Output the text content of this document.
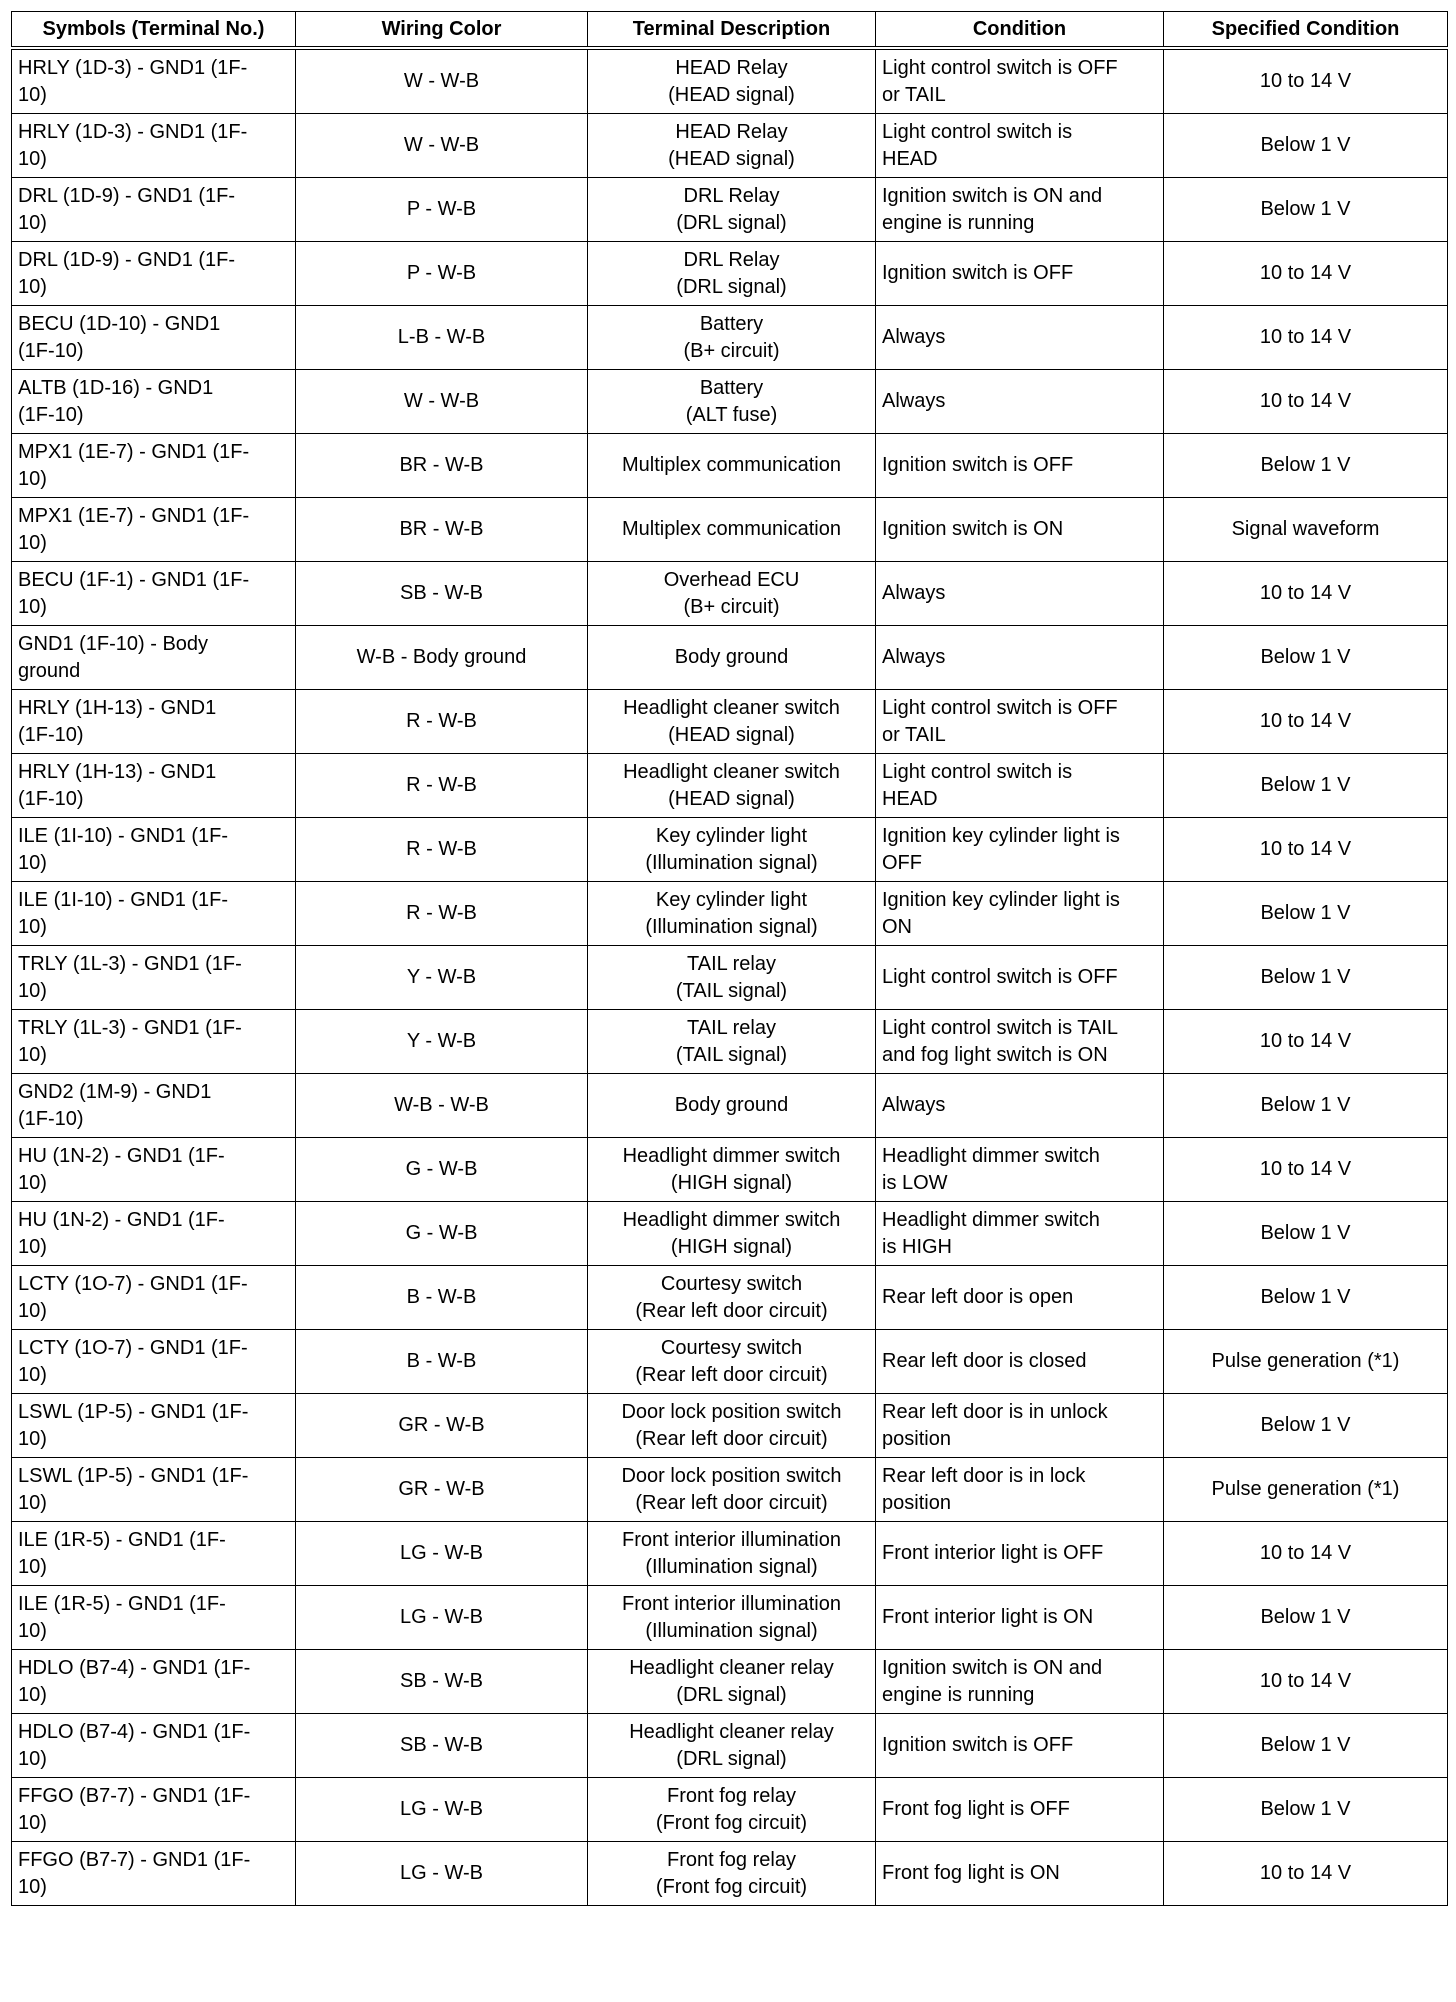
Symbols (Terminal No.)	Wiring Color	Terminal Description	Condition	Specified Condition

HRLY (1D-3) - GND1 (1F-
10)	W - W-B	HEAD Relay
(HEAD signal)	Light control switch is OFF
or TAIL	10 to 14 V

HRLY (1D-3) - GND1 (1F-
10)	W - W-B	HEAD Relay
(HEAD signal)	Light control switch is
HEAD	Below 1 V

DRL (1D-9) - GND1 (1F-
10)	P - W-B	DRL Relay
(DRL signal)	Ignition switch is ON and
engine is running	Below 1 V

DRL (1D-9) - GND1 (1F-
10)	P - W-B	DRL Relay
(DRL signal)	Ignition switch is OFF	10 to 14 V

BECU (1D-10) - GND1
(1F-10)	L-B - W-B	Battery
(B+ circuit)	Always	10 to 14 V

ALTB (1D-16) - GND1
(1F-10)	W - W-B	Battery
(ALT fuse)	Always	10 to 14 V

MPX1 (1E-7) - GND1 (1F-
10)	BR - W-B	Multiplex communication	Ignition switch is OFF	Below 1 V

MPX1 (1E-7) - GND1 (1F-
10)	BR - W-B	Multiplex communication	Ignition switch is ON	Signal waveform

BECU (1F-1) - GND1 (1F-
10)	SB - W-B	Overhead ECU
(B+ circuit)	Always	10 to 14 V

GND1 (1F-10) - Body
ground	W-B - Body ground	Body ground	Always	Below 1 V

HRLY (1H-13) - GND1
(1F-10)	R - W-B	Headlight cleaner switch
(HEAD signal)	Light control switch is OFF
or TAIL	10 to 14 V

HRLY (1H-13) - GND1
(1F-10)	R - W-B	Headlight cleaner switch
(HEAD signal)	Light control switch is
HEAD	Below 1 V

ILE (1I-10) - GND1 (1F-
10)	R - W-B	Key cylinder light
(Illumination signal)	Ignition key cylinder light is
OFF	10 to 14 V

ILE (1I-10) - GND1 (1F-
10)	R - W-B	Key cylinder light
(Illumination signal)	Ignition key cylinder light is
ON	Below 1 V

TRLY (1L-3) - GND1 (1F-
10)	Y - W-B	TAIL relay
(TAIL signal)	Light control switch is OFF	Below 1 V

TRLY (1L-3) - GND1 (1F-
10)	Y - W-B	TAIL relay
(TAIL signal)	Light control switch is TAIL
and fog light switch is ON	10 to 14 V

GND2 (1M-9) - GND1
(1F-10)	W-B - W-B	Body ground	Always	Below 1 V

HU (1N-2) - GND1 (1F-
10)	G - W-B	Headlight dimmer switch
(HIGH signal)	Headlight dimmer switch
is LOW	10 to 14 V

HU (1N-2) - GND1 (1F-
10)	G - W-B	Headlight dimmer switch
(HIGH signal)	Headlight dimmer switch
is HIGH	Below 1 V

LCTY (1O-7) - GND1 (1F-
10)	B - W-B	Courtesy switch
(Rear left door circuit)	Rear left door is open	Below 1 V

LCTY (1O-7) - GND1 (1F-
10)	B - W-B	Courtesy switch
(Rear left door circuit)	Rear left door is closed	Pulse generation (*1)

LSWL (1P-5) - GND1 (1F-
10)	GR - W-B	Door lock position switch
(Rear left door circuit)	Rear left door is in unlock
position	Below 1 V

LSWL (1P-5) - GND1 (1F-
10)	GR - W-B	Door lock position switch
(Rear left door circuit)	Rear left door is in lock
position	Pulse generation (*1)

ILE (1R-5) - GND1 (1F-
10)	LG - W-B	Front interior illumination
(Illumination signal)	Front interior light is OFF	10 to 14 V

ILE (1R-5) - GND1 (1F-
10)	LG - W-B	Front interior illumination
(Illumination signal)	Front interior light is ON	Below 1 V

HDLO (B7-4) - GND1 (1F-
10)	SB - W-B	Headlight cleaner relay
(DRL signal)	Ignition switch is ON and
engine is running	10 to 14 V

HDLO (B7-4) - GND1 (1F-
10)	SB - W-B	Headlight cleaner relay
(DRL signal)	Ignition switch is OFF	Below 1 V

FFGO (B7-7) - GND1 (1F-
10)	LG - W-B	Front fog relay
(Front fog circuit)	Front fog light is OFF	Below 1 V

FFGO (B7-7) - GND1 (1F-
10)	LG - W-B	Front fog relay
(Front fog circuit)	Front fog light is ON	10 to 14 V
